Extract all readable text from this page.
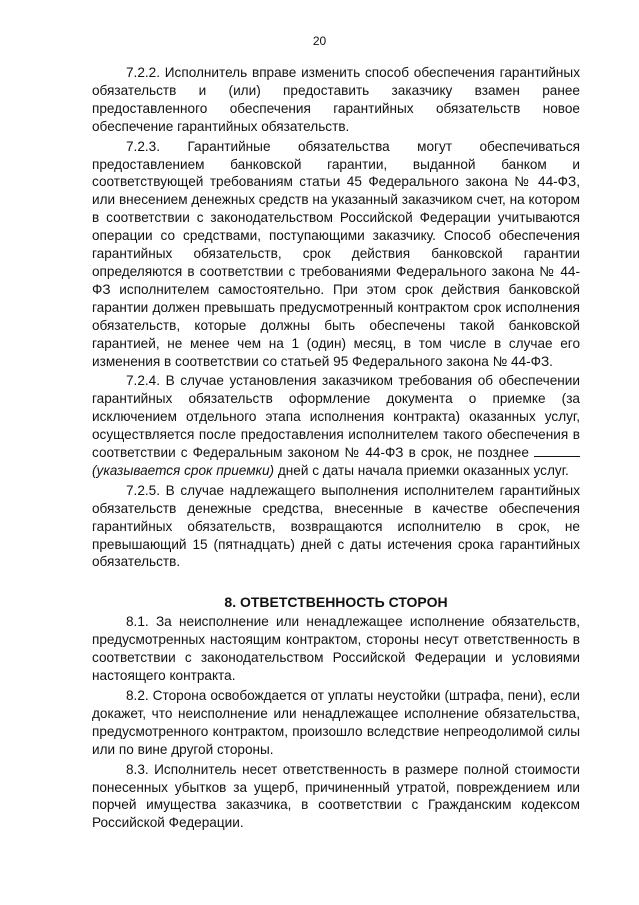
20

7.2.2. Исполнитель вправе изменить способ обеспечения гарантийных обязательств и (или) предоставить заказчику взамен ранее предоставленного обеспечения гарантийных обязательств новое обеспечение гарантийных обязательств.

7.2.3. Гарантийные обязательства могут обеспечиваться предоставлением банковской гарантии, выданной банком и соответствующей требованиям статьи 45 Федерального закона № 44-ФЗ, или внесением денежных средств на указанный заказчиком счет, на котором в соответствии с законодательством Российской Федерации учитываются операции со средствами, поступающими заказчику. Способ обеспечения гарантийных обязательств, срок действия банковской гарантии определяются в соответствии с требованиями Федерального закона № 44-ФЗ исполнителем самостоятельно. При этом срок действия банковской гарантии должен превышать предусмотренный контрактом срок исполнения обязательств, которые должны быть обеспечены такой банковской гарантией, не менее чем на 1 (один) месяц, в том числе в случае его изменения в соответствии со статьей 95 Федерального закона № 44-ФЗ.

7.2.4. В случае установления заказчиком требования об обеспечении гарантийных обязательств оформление документа о приемке (за исключением отдельного этапа исполнения контракта) оказанных услуг, осуществляется после предоставления исполнителем такого обеспечения в соответствии с Федеральным законом № 44-ФЗ в срок, не позднее  (указывается срок приемки) дней с даты начала приемки оказанных услуг.

7.2.5. В случае надлежащего выполнения исполнителем гарантийных обязательств денежные средства, внесенные в качестве обеспечения гарантийных обязательств, возвращаются исполнителю в срок, не превышающий 15 (пятнадцать) дней с даты истечения срока гарантийных обязательств.

8. ОТВЕТСТВЕННОСТЬ СТОРОН

8.1. За неисполнение или ненадлежащее исполнение обязательств, предусмотренных настоящим контрактом, стороны несут ответственность в соответствии с законодательством Российской Федерации и условиями настоящего контракта.

8.2. Сторона освобождается от уплаты неустойки (штрафа, пени), если докажет, что неисполнение или ненадлежащее исполнение обязательства, предусмотренного контрактом, произошло вследствие непреодолимой силы или по вине другой стороны.

8.3. Исполнитель несет ответственность в размере полной стоимости понесенных убытков за ущерб, причиненный утратой, повреждением или порчей имущества заказчика, в соответствии с Гражданским кодексом Российской Федерации.
